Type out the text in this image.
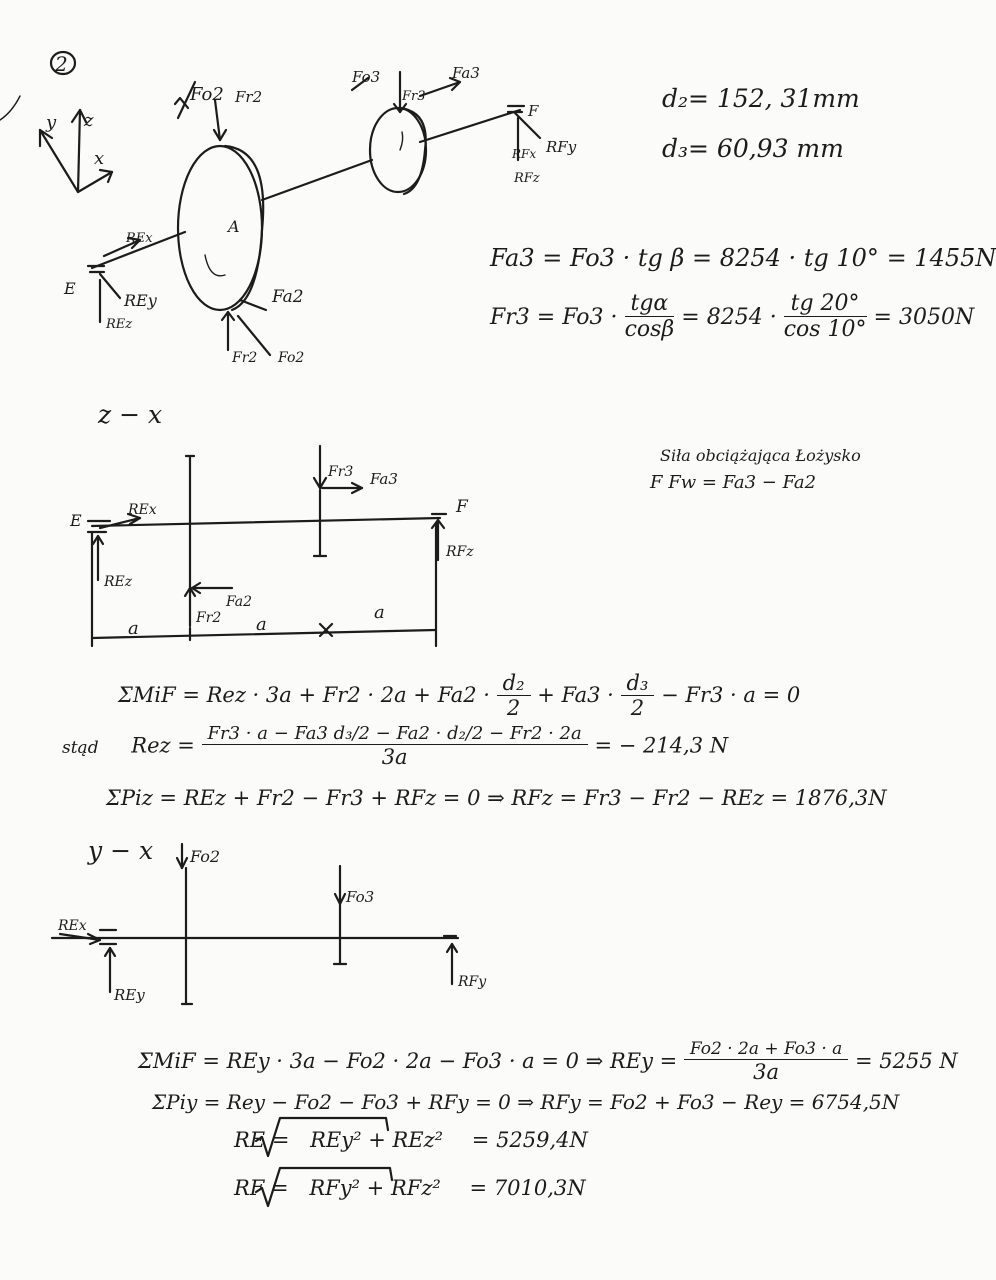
2
z
y
x
A
Fo2 Fr2
Fo3
Fr3
Fa3
F
RFy
RFx
RFz
REx
E
REy
REz
Fa2
Fr2 Fo2
E
REx
REz
Fr3 Fa3
F
RFz
Fa2
Fr2
a	a
a
Fo2
Fo3
REx
REy
RFy
d₂= 152, 31mm
d₃= 60,93 mm
Fa3 = Fo3 · tg β = 8254 · tg 10° = 1455N
$Fr3 = Fo3 \cdot \frac{\text{tgα}}{\cos\beta} = 8254 \cdot \frac{tg 20^\circ}{\cos 10^\circ} = 3050N$
z − x
Siła obciążająca Łożysko
F Fw = Fa3 − Fa2
ΣMiF = Rez · $3a + Fr2 \cdot 2a + Fa2 \cdot \frac{\text{d₂}}{2} + Fa3 \cdot \frac{\text{d₃}}{2} - Fr3 \cdot a = 0$
stąd Rez = $\frac{\text{Fr3 · a − Fa3 d₃/2 − Fa2 · d₂/2 − Fr2 · 2a}}{3a}$ = − 214,3 N
ΣPiz = REz + Fr2 − Fr3 + RFz = 0 ⇒ RFz = Fr3 − Fr2 − REz = 1876,3N
y − x
ΣMiF = REy · 3a − Fo2 · 2a − Fo3 · a = 0 ⇒ REy = $\frac{Fo2 \cdot 2a + Fo3 \cdot a}{3a} = 5255$ N
ΣPiy = Rey − Fo2 − Fo3 + RFy = 0 ⇒ RFy = Fo2 + Fo3 − Rey = 6754,5N
RE = REy² + REz² = 5259,4N
RF = RFy² + RFz² = 7010,3N
